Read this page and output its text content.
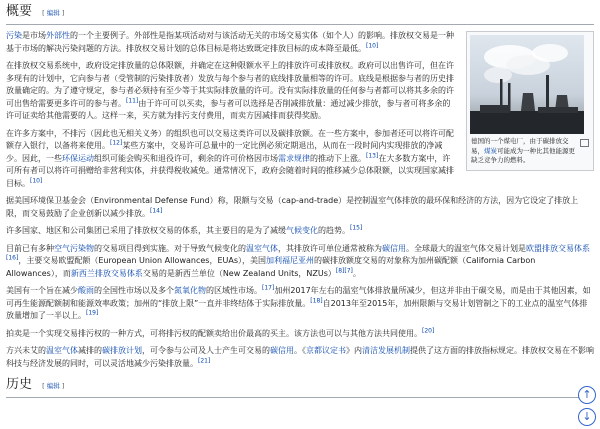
概要 [ 编辑 ]
德国的一个煤电厂，由于碳排放交易，煤炭可能成为一种比其他能源更缺乏竞争力的燃料。

污染是市场外部性的一个主要例子。外部性是指某项活动对与该活动无关的市场交易实体（如个人）的影响。排放权交易是一种基于市场的解决污染问题的方法。排放权交易计划的总体目标是将达致既定排放目标的成本降至最低。[10]

在排放权交易系统中，政府设定排放量的总体限额，并确定在这种限额水平上的排放许可或排放权。政府可以出售许可，但在许多现有的计划中，它向参与者（受管制的污染排放者）发放与每个参与者的底线排放量相等的许可。底线是根据参与者的历史排放量确定的。为了遵守规定，参与者必须持有至少等于其实际排放量的许可。没有实际排放量的任何参与者都可以将其多余的许可出售给需要更多许可的参与者。[11]由于许可可以买卖，参与者可以选择是否削减排放量：通过减少排放，参与者可将多余的许可证卖给其他需要的人。这样一来，买方就为排污支付费用，而卖方因减排而获得奖励。

在许多方案中，不排污（因此也无相关义务）的组织也可以交易这类许可以及碳排放额。在一些方案中，参加者还可以将许可配额存入银行，以备将来使用。[12]某些方案中，交易许可总量中的一定比例必须定期退出，从而在一段时间内实现排放的净减少。因此，一些环保运动组织可能会购买和退役许可，剩余的许可价格因市场需求规律的推动下上涨。[13]在大多数方案中，许可所有者可以将许可捐赠给非营利实体，并获得税收减免。通常情况下，政府会随着时间的推移减少总体限额，以实现国家减排目标。[10]

据美国环境保卫基金会（Environmental Defense Fund）称，限额与交易（cap-and-trade）是控制温室气体排放的最环保和经济的方法，因为它设定了排放上限，而交易鼓励了企业创新以减少排放。[14]

许多国家、地区和公司集团已采用了排放权交易的体系，其主要目的是为了减缓气候变化的趋势。[15]

目前已有多种空气污染物的交易项目得到实施。对于导致气候变化的温室气体，其排放许可单位通常被称为碳信用。全球最大的温室气体交易计划是欧盟排放交易体系[16]，主要交易欧盟配额（European Union Allowances，EUAs），美国加利福尼亚州的碳排放额度交易的对象称为加州碳配额（California Carbon Allowances），而新西兰排放交易体系交易的是新西兰单位（New Zealand Units，NZUs）[8][7]。

美国有一个旨在减少酸雨的全国性市场以及多个氮氧化物的区域性市场。[17]加州2017年左右的温室气体排放量所减少，但这并非由于碳交易，而是由于其他因素，如可再生能源配额制和能源效率政策；加州的“排放上限”一直并非终结体于实际排放量。[18]自2013年至2015年，加州限额与交易计划管制之下的工业点的温室气体排放量增加了一半以上。[19]

拍卖是一个实现交易排污权的一种方式，可将排污权的配额卖给出价最高的买主。该方法也可以与其他方法共同使用。[20]

方兴未艾的温室气体减排的碳排放计划，可令参与公司及人士产生可交易的碳信用。《京都议定书》内清洁发展机制提供了这方面的排放指标规定。排放权交易在不影响科技与经济发展的同时，可以灵活地减少污染排放量。[21]

历史 [ 编辑 ]
↑
↓
